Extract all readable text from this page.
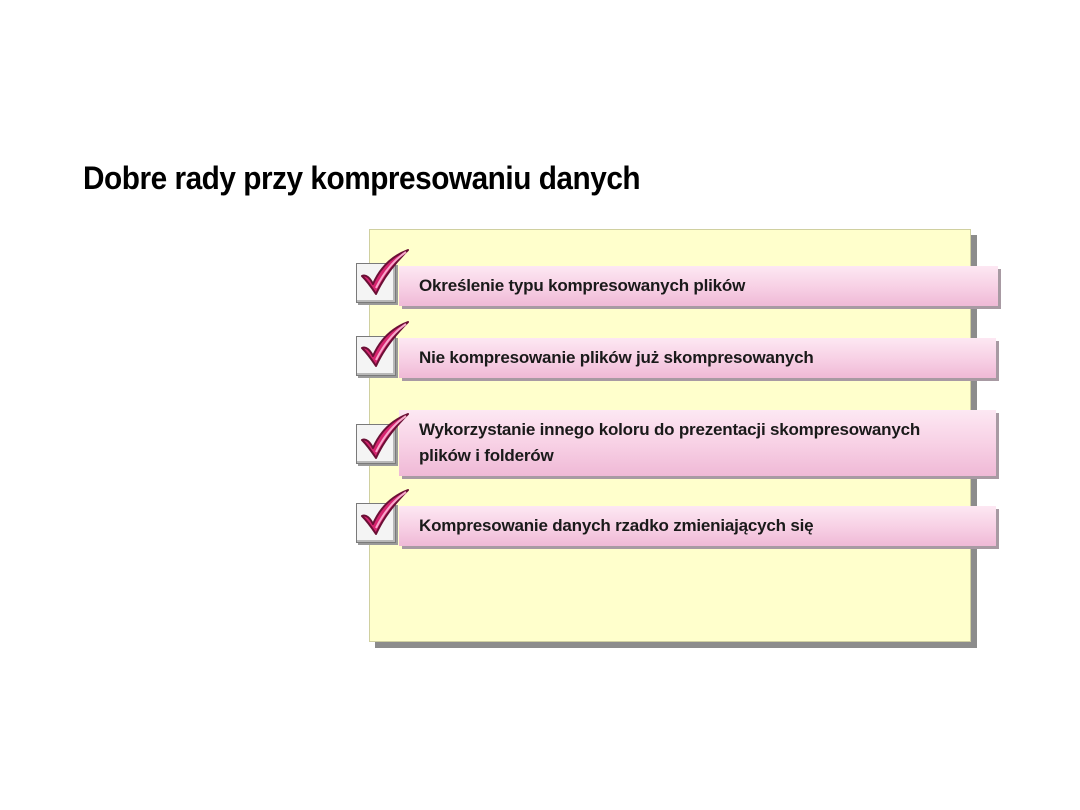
Dobre rady przy kompresowaniu danych
Określenie typu kompresowanych plików
Nie kompresowanie plików już skompresowanych
Wykorzystanie innego koloru do prezentacji skompresowanych plików i folderów
Kompresowanie danych rzadko zmieniających się
